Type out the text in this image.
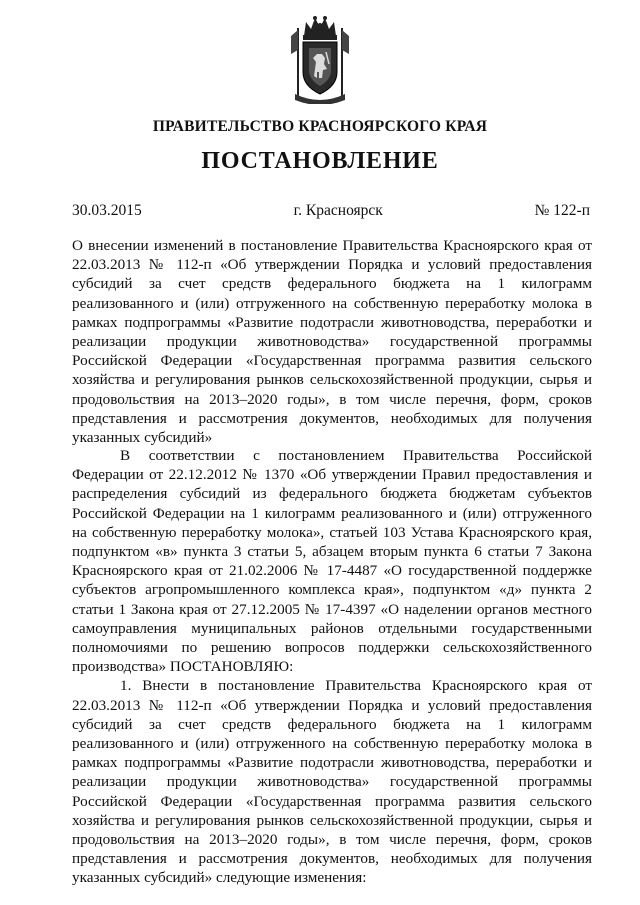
ПРАВИТЕЛЬСТВО КРАСНОЯРСКОГО КРАЯ
ПОСТАНОВЛЕНИЕ
30.03.2015	г. Красноярск	№ 122-п
О внесении изменений в постановление Правительства Красноярского края от 22.03.2013 № 112-п «Об утверждении Порядка и условий предоставления субсидий за счет средств федерального бюджета на 1 килограмм реализованного и (или) отгруженного на собственную переработку молока в рамках подпрограммы «Развитие подотрасли животноводства, переработки и реализации продукции животноводства» государственной программы Российской Федерации «Государственная программа развития сельского хозяйства и регулирования рынков сельскохозяйственной продукции, сырья и продовольствия на 2013–2020 годы», в том числе перечня, форм, сроков представления и рассмотрения документов, необходимых для получения указанных субсидий»

В соответствии с постановлением Правительства Российской Федерации от 22.12.2012 № 1370 «Об утверждении Правил предоставления и распределения субсидий из федерального бюджета бюджетам субъектов Российской Федерации на 1 килограмм реализованного и (или) отгруженного на собственную переработку молока», статьей 103 Устава Красноярского края, подпунктом «в» пункта 3 статьи 5, абзацем вторым пункта 6 статьи 7 Закона Красноярского края от 21.02.2006 № 17-4487 «О государственной поддержке субъектов агропромышленного комплекса края», подпунктом «д» пункта 2 статьи 1 Закона края от 27.12.2005 № 17-4397 «О наделении органов местного самоуправления муниципальных районов отдельными государственными полномочиями по решению вопросов поддержки сельскохозяйственного производства» ПОСТАНОВЛЯЮ:

1. Внести в постановление Правительства Красноярского края от 22.03.2013 № 112-п «Об утверждении Порядка и условий предоставления субсидий за счет средств федерального бюджета на 1 килограмм реализованного и (или) отгруженного на собственную переработку молока в рамках подпрограммы «Развитие подотрасли животноводства, переработки и реализации продукции животноводства» государственной программы Российской Федерации «Государственная программа развития сельского хозяйства и регулирования рынков сельскохозяйственной продукции, сырья и продовольствия на 2013–2020 годы», в том числе перечня, форм, сроков представления и рассмотрения документов, необходимых для получения указанных субсидий» следующие изменения:
